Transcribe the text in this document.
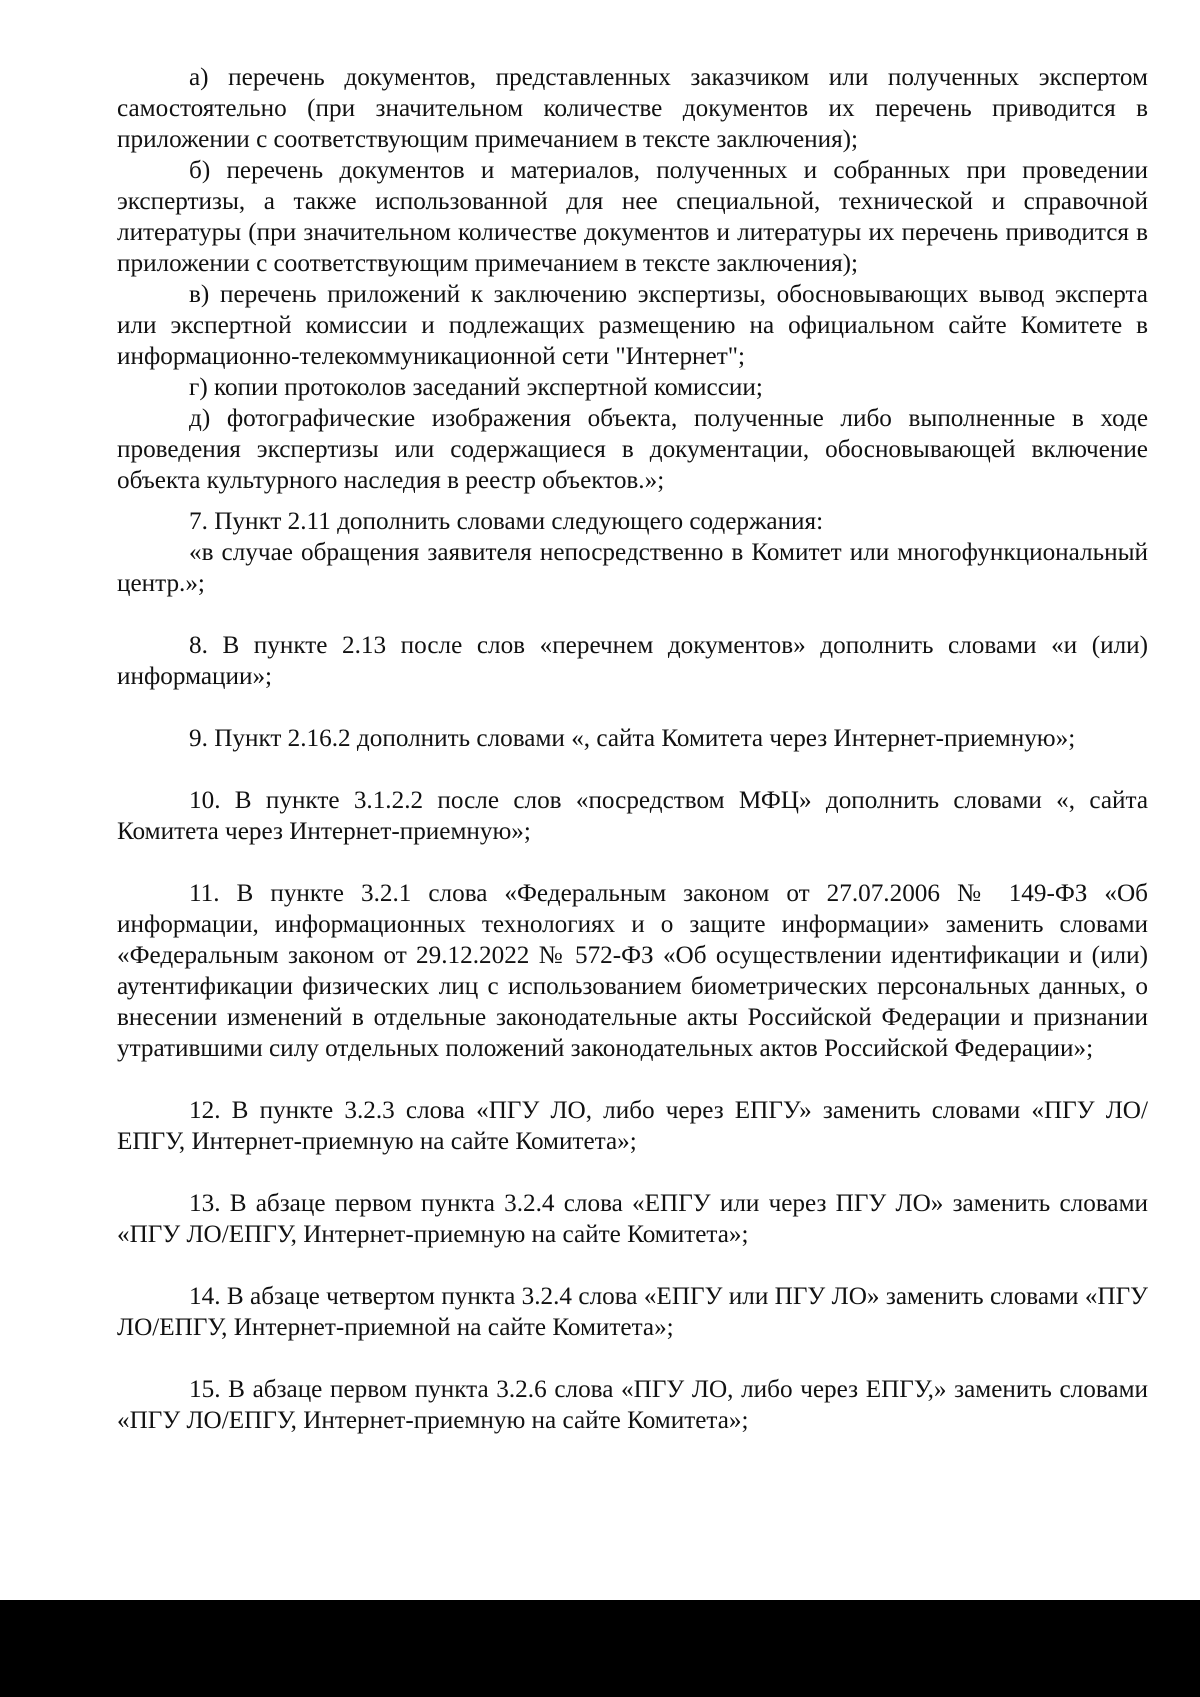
а) перечень документов, представленных заказчиком или полученных экспертом самостоятельно (при значительном количестве документов их перечень приводится в приложении с соответствующим примечанием в тексте заключения);

б) перечень документов и материалов, полученных и собранных при проведении экспертизы, а также использованной для нее специальной, технической и справочной литературы (при значительном количестве документов и литературы их перечень приводится в приложении с соответствующим примечанием в тексте заключения);

в) перечень приложений к заключению экспертизы, обосновывающих вывод эксперта или экспертной комиссии и подлежащих размещению на официальном сайте Комитете в информационно-телекоммуникационной сети "Интернет";

г) копии протоколов заседаний экспертной комиссии;

д) фотографические изображения объекта, полученные либо выполненные в ходе проведения экспертизы или содержащиеся в документации, обосновывающей включение объекта культурного наследия в реестр объектов.»;

7. Пункт 2.11 дополнить словами следующего содержания:

«в случае обращения заявителя непосредственно в Комитет или многофункциональный центр.»;

8. В пункте 2.13 после слов «перечнем документов» дополнить словами «и (или) информации»;

9. Пункт 2.16.2 дополнить словами «, сайта Комитета через Интернет-приемную»;

10. В пункте 3.1.2.2 после слов «посредством МФЦ» дополнить словами «, сайта Комитета через Интернет-приемную»;

11. В пункте 3.2.1 слова «Федеральным законом от 27.07.2006 № 149-ФЗ «Об информации, информационных технологиях и о защите информации» заменить словами «Федеральным законом от 29.12.2022 № 572-ФЗ «Об осуществлении идентификации и (или) аутентификации физических лиц с использованием биометрических персональных данных, о внесении изменений в отдельные законодательные акты Российской Федерации и признании утратившими силу отдельных положений законодательных актов Российской Федерации»;

12. В пункте 3.2.3 слова «ПГУ ЛО, либо через ЕПГУ» заменить словами «ПГУ ЛО/ЕПГУ, Интернет-приемную на сайте Комитета»;

13. В абзаце первом пункта 3.2.4 слова «ЕПГУ или через ПГУ ЛО» заменить словами «ПГУ ЛО/ЕПГУ, Интернет-приемную на сайте Комитета»;

14. В абзаце четвертом пункта 3.2.4 слова «ЕПГУ или ПГУ ЛО» заменить словами «ПГУ ЛО/ЕПГУ, Интернет-приемной на сайте Комитета»;

15. В абзаце первом пункта 3.2.6 слова «ПГУ ЛО, либо через ЕПГУ,» заменить словами «ПГУ ЛО/ЕПГУ, Интернет-приемную на сайте Комитета»;
